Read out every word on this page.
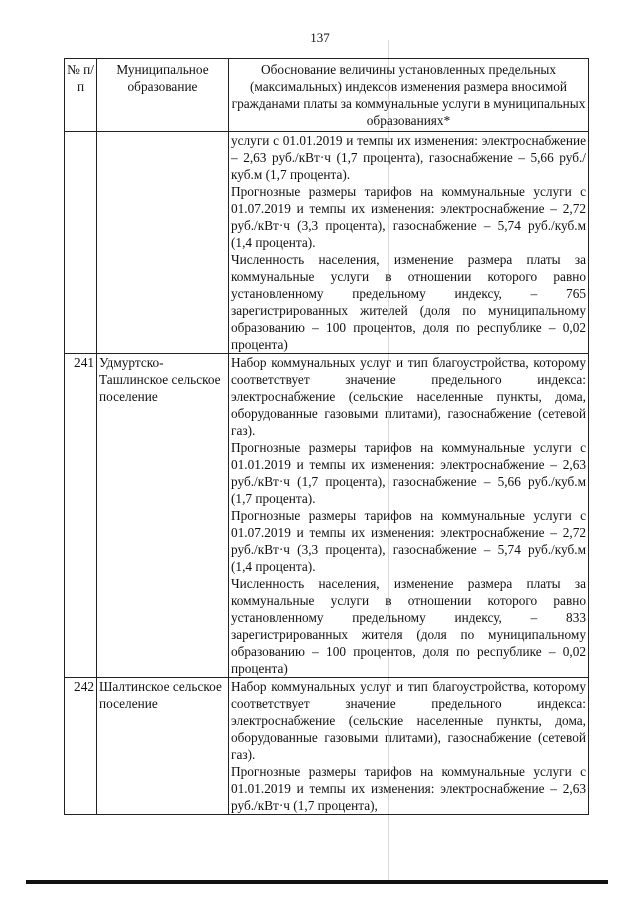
137
№ п/п	Муниципальное образование	Обоснование величины установленных предельных (максимальных) индексов изменения размера вносимой гражданами платы за коммунальные услуги в муниципальных образованиях*

		услуги с 01.01.2019 и темпы их изменения: электроснабжение – 2,63 руб./кВт·ч (1,7 процента), газоснабжение – 5,66 руб./куб.м (1,7 процента).

Прогнозные размеры тарифов на коммунальные услуги с 01.07.2019 и темпы их изменения: электроснабжение – 2,72 руб./кВт·ч (3,3 процента), газоснабжение – 5,74 руб./куб.м (1,4 процента).

Численность населения, изменение размера платы за коммунальные услуги в отношении которого равно установленному предельному индексу, – 765 зарегистрированных жителей (доля по муниципальному образованию – 100 процентов, доля по республике – 0,02 процента)

241	Удмуртско-Ташлинское сельское поселение	Набор коммунальных услуг и тип благоустройства, которому соответствует значение предельного индекса: электроснабжение (сельские населенные пункты, дома, оборудованные газовыми плитами), газоснабжение (сетевой газ).

Прогнозные размеры тарифов на коммунальные услуги с 01.01.2019 и темпы их изменения: электроснабжение – 2,63 руб./кВт·ч (1,7 процента), газоснабжение – 5,66 руб./куб.м (1,7 процента).

Прогнозные размеры тарифов на коммунальные услуги с 01.07.2019 и темпы их изменения: электроснабжение – 2,72 руб./кВт·ч (3,3 процента), газоснабжение – 5,74 руб./куб.м (1,4 процента).

Численность населения, изменение размера платы за коммунальные услуги в отношении которого равно установленному предельному индексу, – 833 зарегистрированных жителя (доля по муниципальному образованию – 100 процентов, доля по республике – 0,02 процента)

242	Шалтинское сельское поселение	Набор коммунальных услуг и тип благоустройства, которому соответствует значение предельного индекса: электроснабжение (сельские населенные пункты, дома, оборудованные газовыми плитами), газоснабжение (сетевой газ).

Прогнозные размеры тарифов на коммунальные услуги с 01.01.2019 и темпы их изменения: электроснабжение – 2,63 руб./кВт·ч (1,7 процента),
